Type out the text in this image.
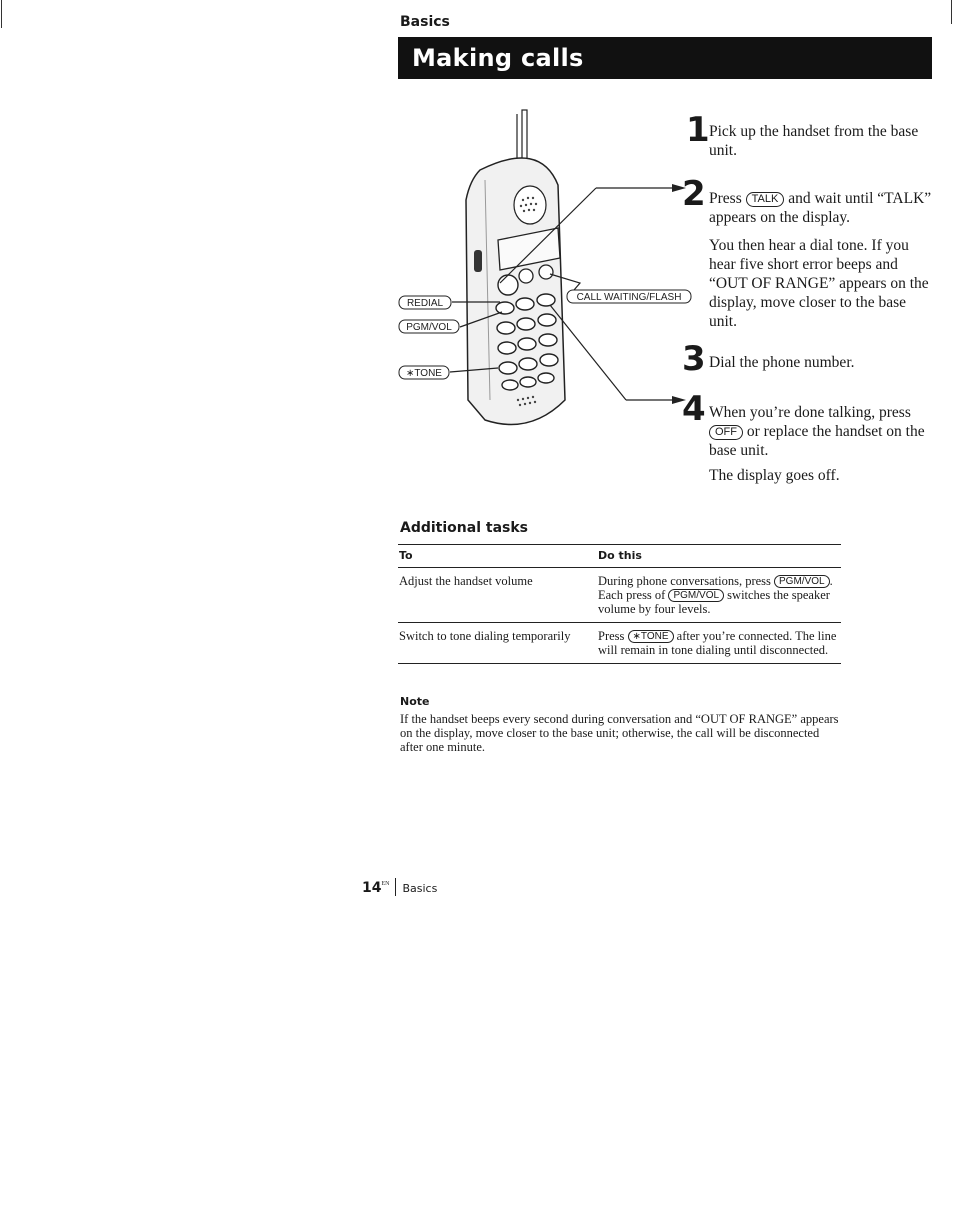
Basics
Making calls
REDIAL
PGM/VOL
∗TONE
CALL WAITING/FLASH
1 Pick up the handset from the base unit.

2 Press TALK and wait until “TALK” appears on the display.

You then hear a dial tone. If you hear five short error beeps and “OUT OF RANGE” appears on the display, move closer to the base unit.

3 Dial the phone number.

4 When you’re done talking, press OFF or replace the handset on the base unit.

The display goes off.

Additional tasks
To	Do this
Adjust the handset volume	During phone conversations, press PGM/VOL . Each press of PGM/VOL switches the speaker volume by four levels.
Switch to tone dialing temporarily	Press ∗TONE after you’re connected. The line will remain in tone dialing until disconnected.
Note
If the handset beeps every second during conversation and “OUT OF RANGE” appears on the display, move closer to the base unit; otherwise, the call will be disconnected after one minute.
$14^{EN}$ Basics
